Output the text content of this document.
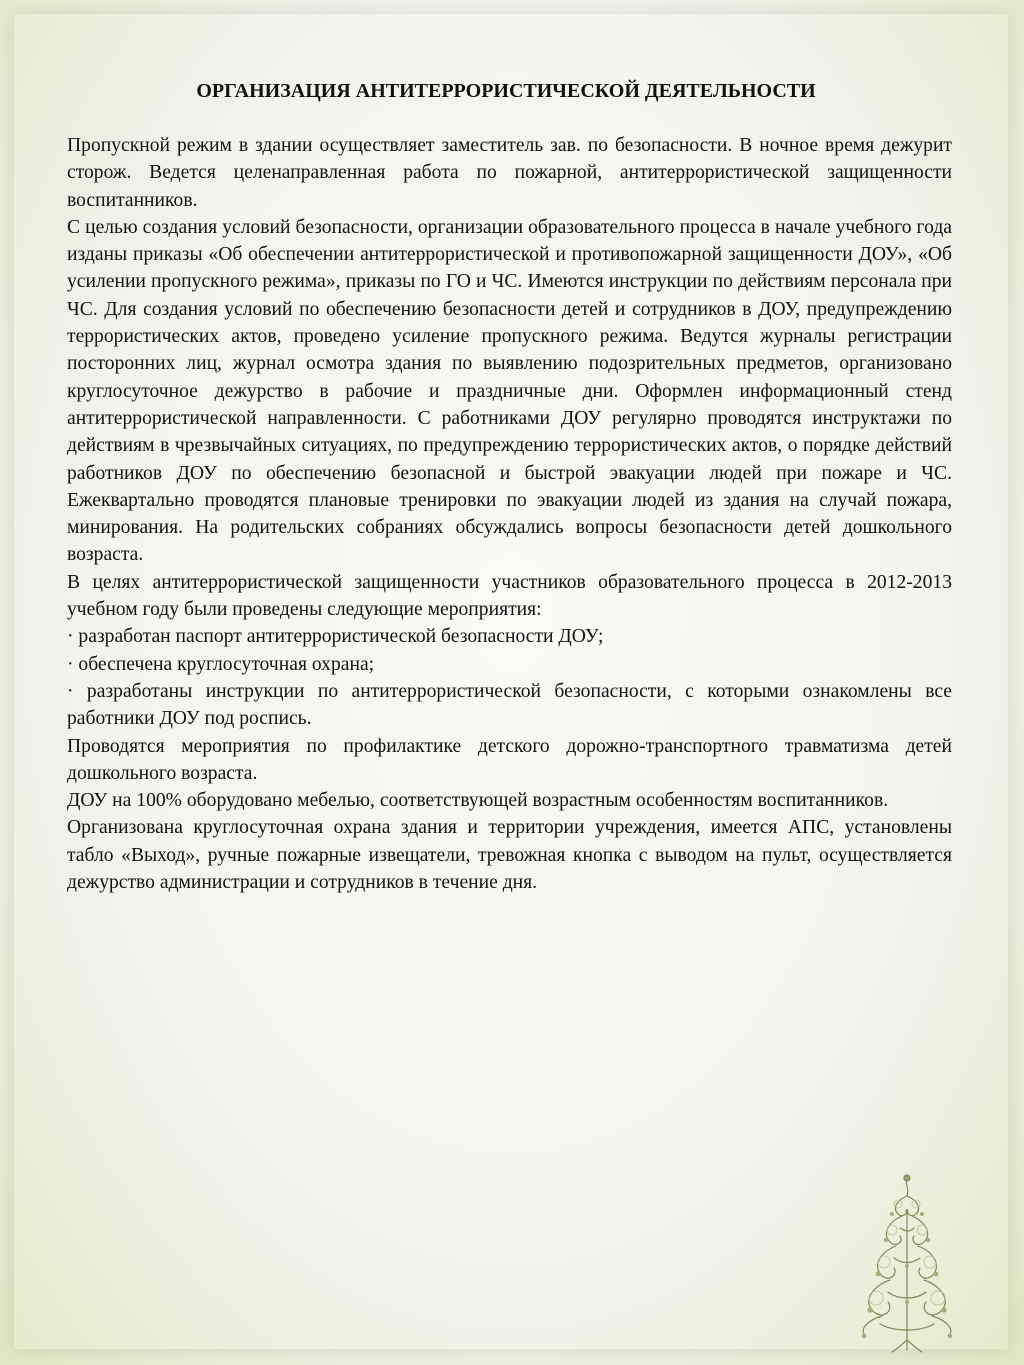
ОРГАНИЗАЦИЯ АНТИТЕРРОРИСТИЧЕСКОЙ ДЕЯТЕЛЬНОСТИ

Пропускной режим в здании осуществляет заместитель зав. по безопасности. В ночное время дежурит сторож. Ведется целенаправленная работа по пожарной, антитеррористической защищенности воспитанников.

С целью создания условий безопасности, организации образовательного процесса в начале учебного года изданы приказы «Об обеспечении антитеррористической и противопожарной защищенности ДОУ», «Об усилении пропускного режима», приказы по ГО и ЧС. Имеются инструкции по действиям персонала при ЧС. Для создания условий по обеспечению безопасности детей и сотрудников в ДОУ, предупреждению террористических актов, проведено усиление пропускного режима. Ведутся журналы регистрации посторонних лиц, журнал осмотра здания по выявлению подозрительных предметов, организовано круглосуточное дежурство в рабочие и праздничные дни. Оформлен информационный стенд антитеррористической направленности. С работниками ДОУ регулярно проводятся инструктажи по действиям в чрезвычайных ситуациях, по предупреждению террористических актов, о порядке действий работников ДОУ по обеспечению безопасной и быстрой эвакуации людей при пожаре и ЧС. Ежеквартально проводятся плановые тренировки по эвакуации людей из здания на случай пожара, минирования. На родительских собраниях обсуждались вопросы безопасности детей дошкольного возраста.

В целях антитеррористической защищенности участников образовательного процесса в 2012-2013 учебном году были проведены следующие мероприятия:

· разработан паспорт антитеррористической безопасности ДОУ;

· обеспечена круглосуточная охрана;

· разработаны инструкции по антитеррористической безопасности, с которыми ознакомлены все работники ДОУ под роспись.

Проводятся мероприятия по профилактике детского дорожно-транспортного травматизма детей дошкольного возраста.

ДОУ на 100% оборудовано мебелью, соответствующей возрастным особенностям воспитанников.

Организована круглосуточная охрана здания и территории учреждения, имеется АПС, установлены табло «Выход», ручные пожарные извещатели, тревожная кнопка с выводом на пульт, осуществляется дежурство администрации и сотрудников в течение дня.
